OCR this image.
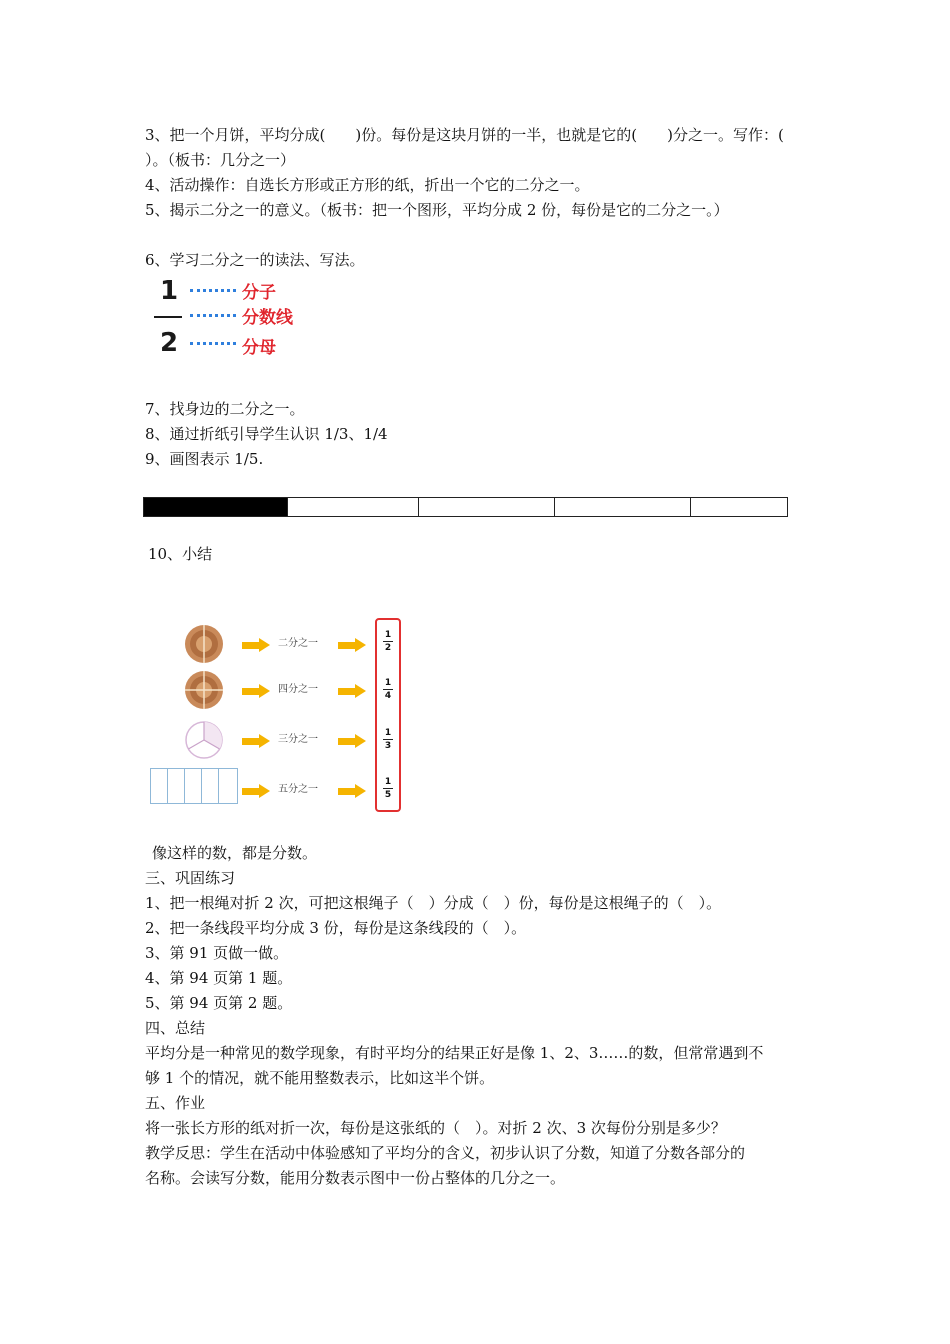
3、把一个月饼，平均分成(　　)份。每份是这块月饼的一半，也就是它的(　　)分之一。写作：(
）。（板书：几分之一）
4、活动操作：自选长方形或正方形的纸，折出一个它的二分之一。
5、揭示二分之一的意义。（板书：把一个图形，平均分成 2 份，每份是它的二分之一。）
6、学习二分之一的读法、写法。
1
2
分子
分数线
分母
7、找身边的二分之一。
8、通过折纸引导学生认识 1/3、1/4
9、画图表示 1/5.
10、小结
二分之一
四分之一
三分之一
五分之一
1
2
1
4
1
3
1
5
像这样的数，都是分数。
三、巩固练习
1、把一根绳对折 2 次，可把这根绳子（　）分成（　）份，每份是这根绳子的（　）。
2、把一条线段平均分成 3 份，每份是这条线段的（　）。
3、第 91 页做一做。
4、第 94 页第 1 题。
5、第 94 页第 2 题。
四、总结
平均分是一种常见的数学现象，有时平均分的结果正好是像 1、2、3……的数，但常常遇到不
够 1 个的情况，就不能用整数表示，比如这半个饼。
五、作业
将一张长方形的纸对折一次，每份是这张纸的（　）。对折 2 次、3 次每份分别是多少？
教学反思：学生在活动中体验感知了平均分的含义，初步认识了分数，知道了分数各部分的
名称。会读写分数，能用分数表示图中一份占整体的几分之一。
